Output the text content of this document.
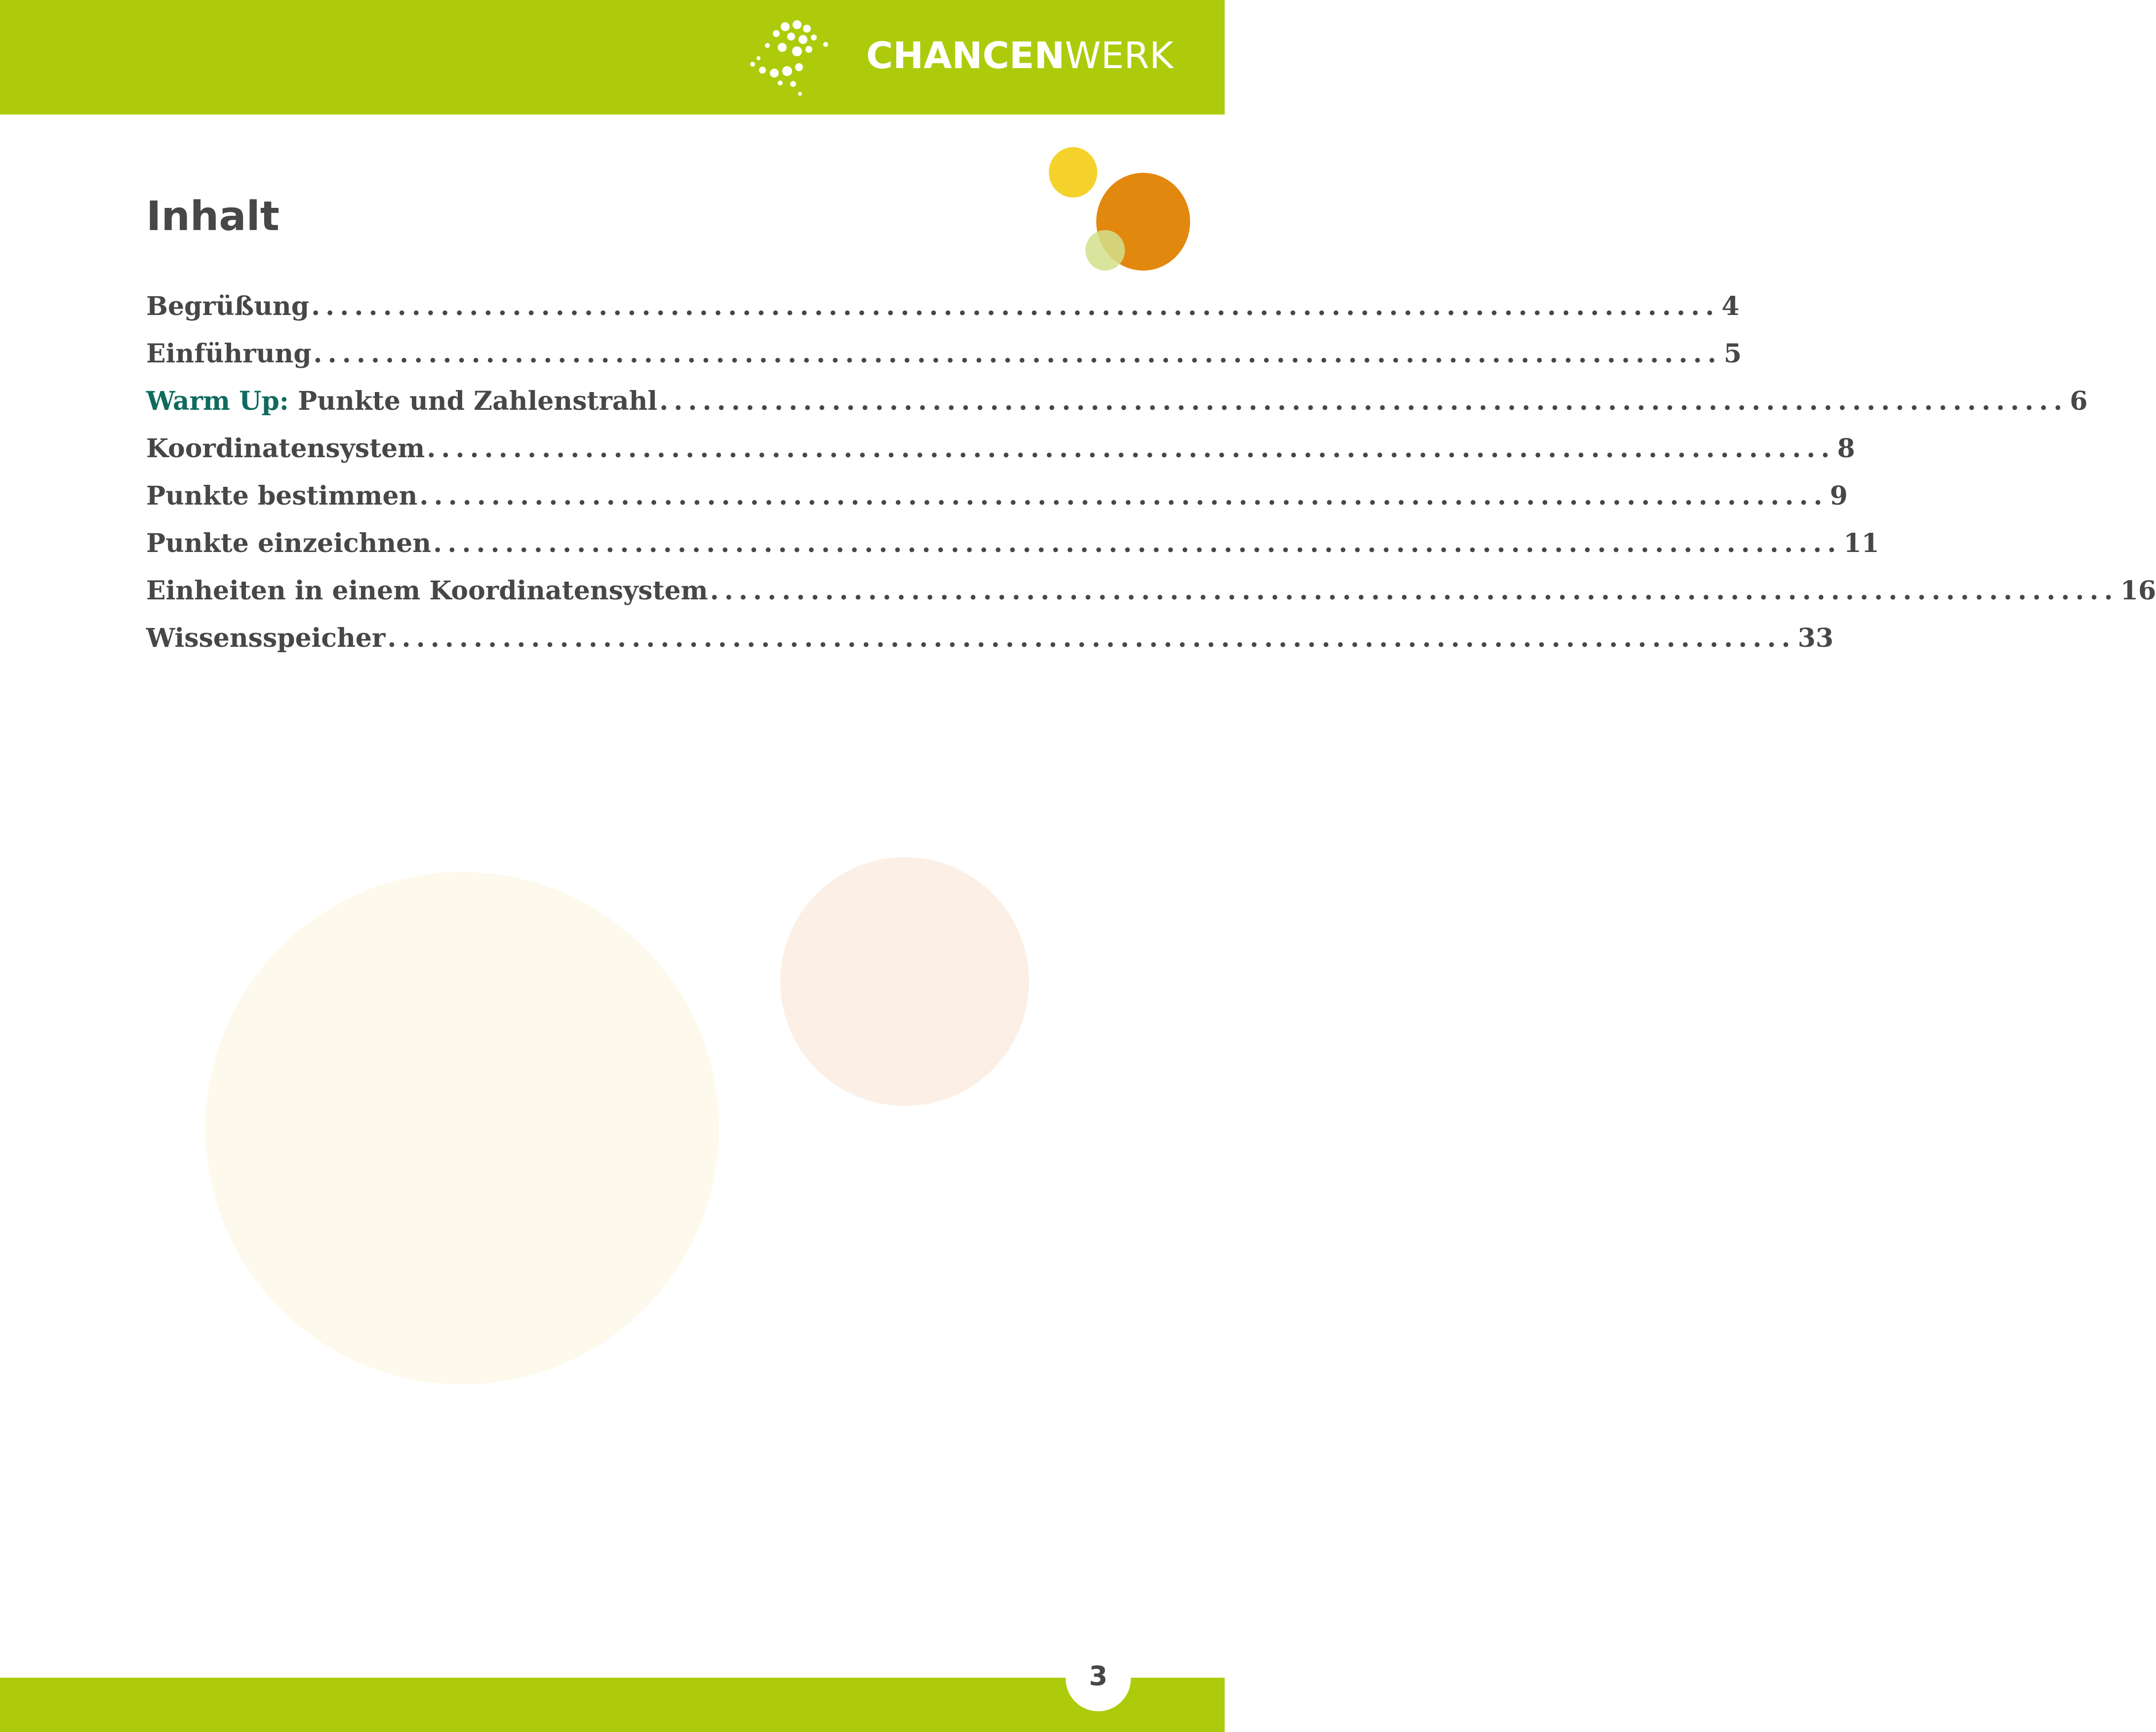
CHANCENWERK
Inhalt
Begrüßung .................................................................................................. 4
Einführung .................................................................................................. 5
Warm Up: Punkte und Zahlenstrahl .................................................................................................. 6
Koordinatensystem .................................................................................................. 8
Punkte bestimmen .................................................................................................. 9
Punkte einzeichnen .................................................................................................. 11
Einheiten in einem Koordinatensystem .................................................................................................. 16
Wissensspeicher .................................................................................................. 33
3
